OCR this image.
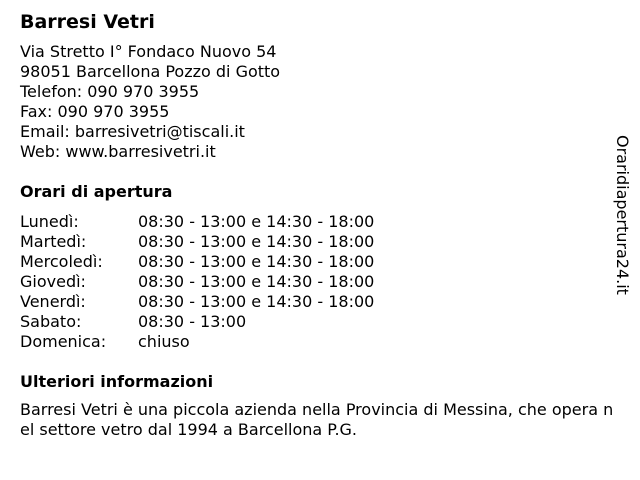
Barresi Vetri
Via Stretto I° Fondaco Nuovo 54
98051 Barcellona Pozzo di Gotto
Telefon: 090 970 3955
Fax: 090 970 3955
Email: barresivetri@tiscali.it
Web: www.barresivetri.it
Orari di apertura
Lunedì:	08:30 - 13:00 e 14:30 - 18:00
Martedì:	08:30 - 13:00 e 14:30 - 18:00
Mercoledì:	08:30 - 13:00 e 14:30 - 18:00
Giovedì:	08:30 - 13:00 e 14:30 - 18:00
Venerdì:	08:30 - 13:00 e 14:30 - 18:00
Sabato:	08:30 - 13:00
Domenica:	chiuso
Ulteriori informazioni
Barresi Vetri è una piccola azienda nella Provincia di Messina, che opera nel settore vetro dal 1994 a Barcellona P.G.
Oraridiapertura24.it
